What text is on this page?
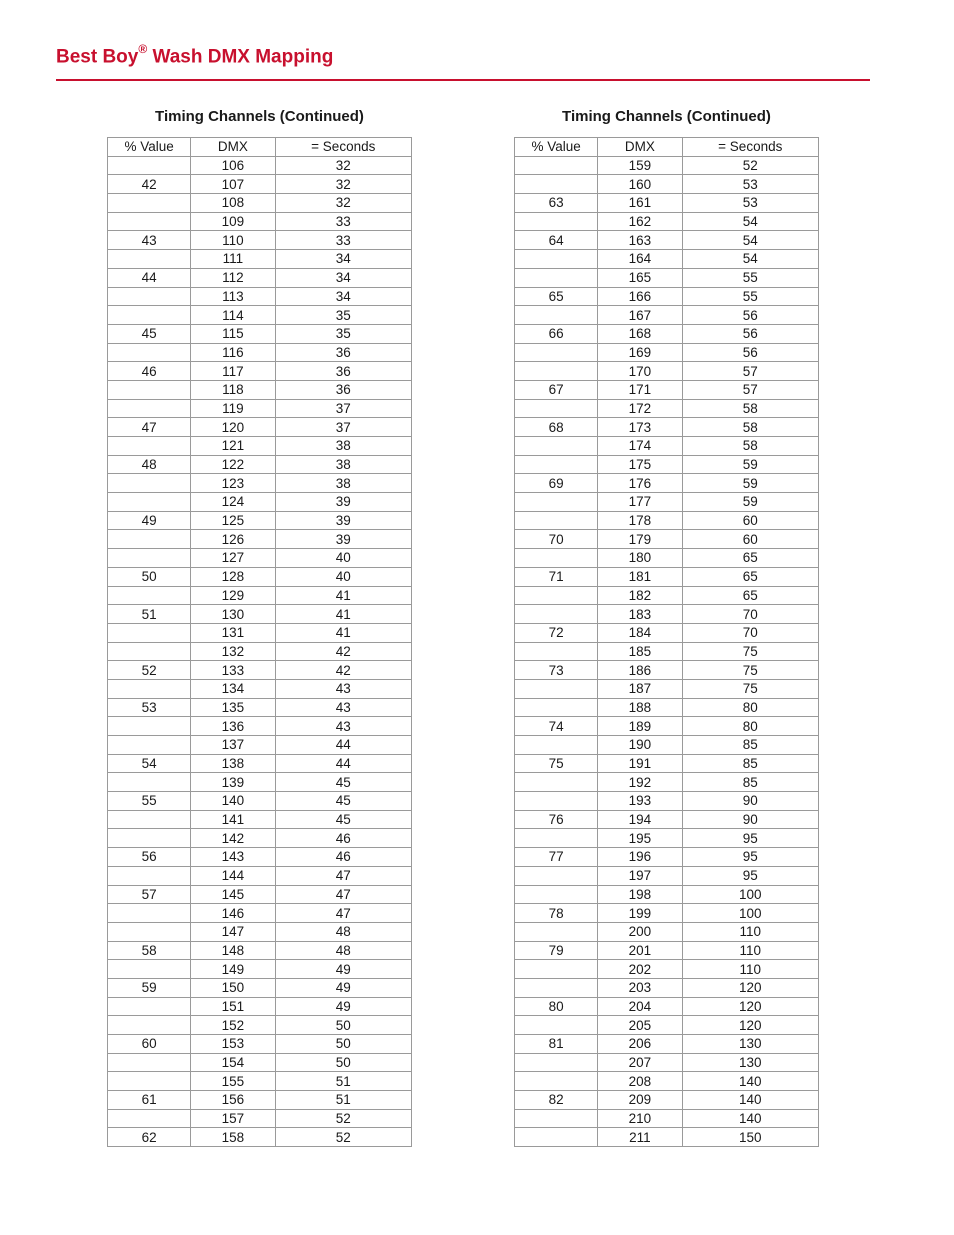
Best Boy® Wash DMX Mapping
Timing Channels (Continued)
% Value	DMX	= Seconds
	106	32
42	107	32
	108	32
	109	33
43	110	33
	111	34
44	112	34
	113	34
	114	35
45	115	35
	116	36
46	117	36
	118	36
	119	37
47	120	37
	121	38
48	122	38
	123	38
	124	39
49	125	39
	126	39
	127	40
50	128	40
	129	41
51	130	41
	131	41
	132	42
52	133	42
	134	43
53	135	43
	136	43
	137	44
54	138	44
	139	45
55	140	45
	141	45
	142	46
56	143	46
	144	47
57	145	47
	146	47
	147	48
58	148	48
	149	49
59	150	49
	151	49
	152	50
60	153	50
	154	50
	155	51
61	156	51
	157	52
62	158	52
Timing Channels (Continued)
% Value	DMX	= Seconds
	159	52
	160	53
63	161	53
	162	54
64	163	54
	164	54
	165	55
65	166	55
	167	56
66	168	56
	169	56
	170	57
67	171	57
	172	58
68	173	58
	174	58
	175	59
69	176	59
	177	59
	178	60
70	179	60
	180	65
71	181	65
	182	65
	183	70
72	184	70
	185	75
73	186	75
	187	75
	188	80
74	189	80
	190	85
75	191	85
	192	85
	193	90
76	194	90
	195	95
77	196	95
	197	95
	198	100
78	199	100
	200	110
79	201	110
	202	110
	203	120
80	204	120
	205	120
81	206	130
	207	130
	208	140
82	209	140
	210	140
	211	150
